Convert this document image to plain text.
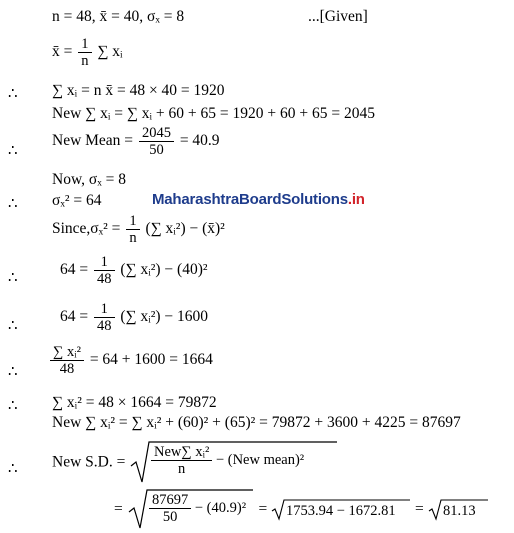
n = 48, x̄ = 40, σₓ = 8	...[Given]
x̄ = $\frac{1}{n}$ ∑ xᵢ
∴ ∑ xᵢ = n x̄ = 48 × 40 = 1920
New ∑ xᵢ = ∑ xᵢ + 60 + 65 = 1920 + 60 + 65 = 2045
∴
New Mean = $\frac{2045}{50} = 40.9$
Now, σₓ = 8
∴ σₓ² = 64	MaharashtraBoardSolutions.in
Since,σₓ² = $\frac{1}{n}$ (∑ xᵢ²) − (x̄)²
∴	$64 = \frac{1}{48}$ (∑ xᵢ²) − (40)²
∴
$64 = \frac{1}{48}$ (∑ xᵢ²) − 1600
∴ $\frac{\text{∑ xᵢ²}}{48} = 64 + 1600 = 1664$
∴ ∑ xᵢ² = 48 × 1664 = 79872
New ∑ xᵢ² = ∑ xᵢ² + (60)² + (65)² = 79872 + 3600 + 4225 = 87697
∴ New S.D. = $\frac{\text{New∑ xᵢ²}}{n} - (New$ mean)²
= $\frac{87697}{50} - (40.9)^2 = 1753.94 - 1672.81 = 81.13$
